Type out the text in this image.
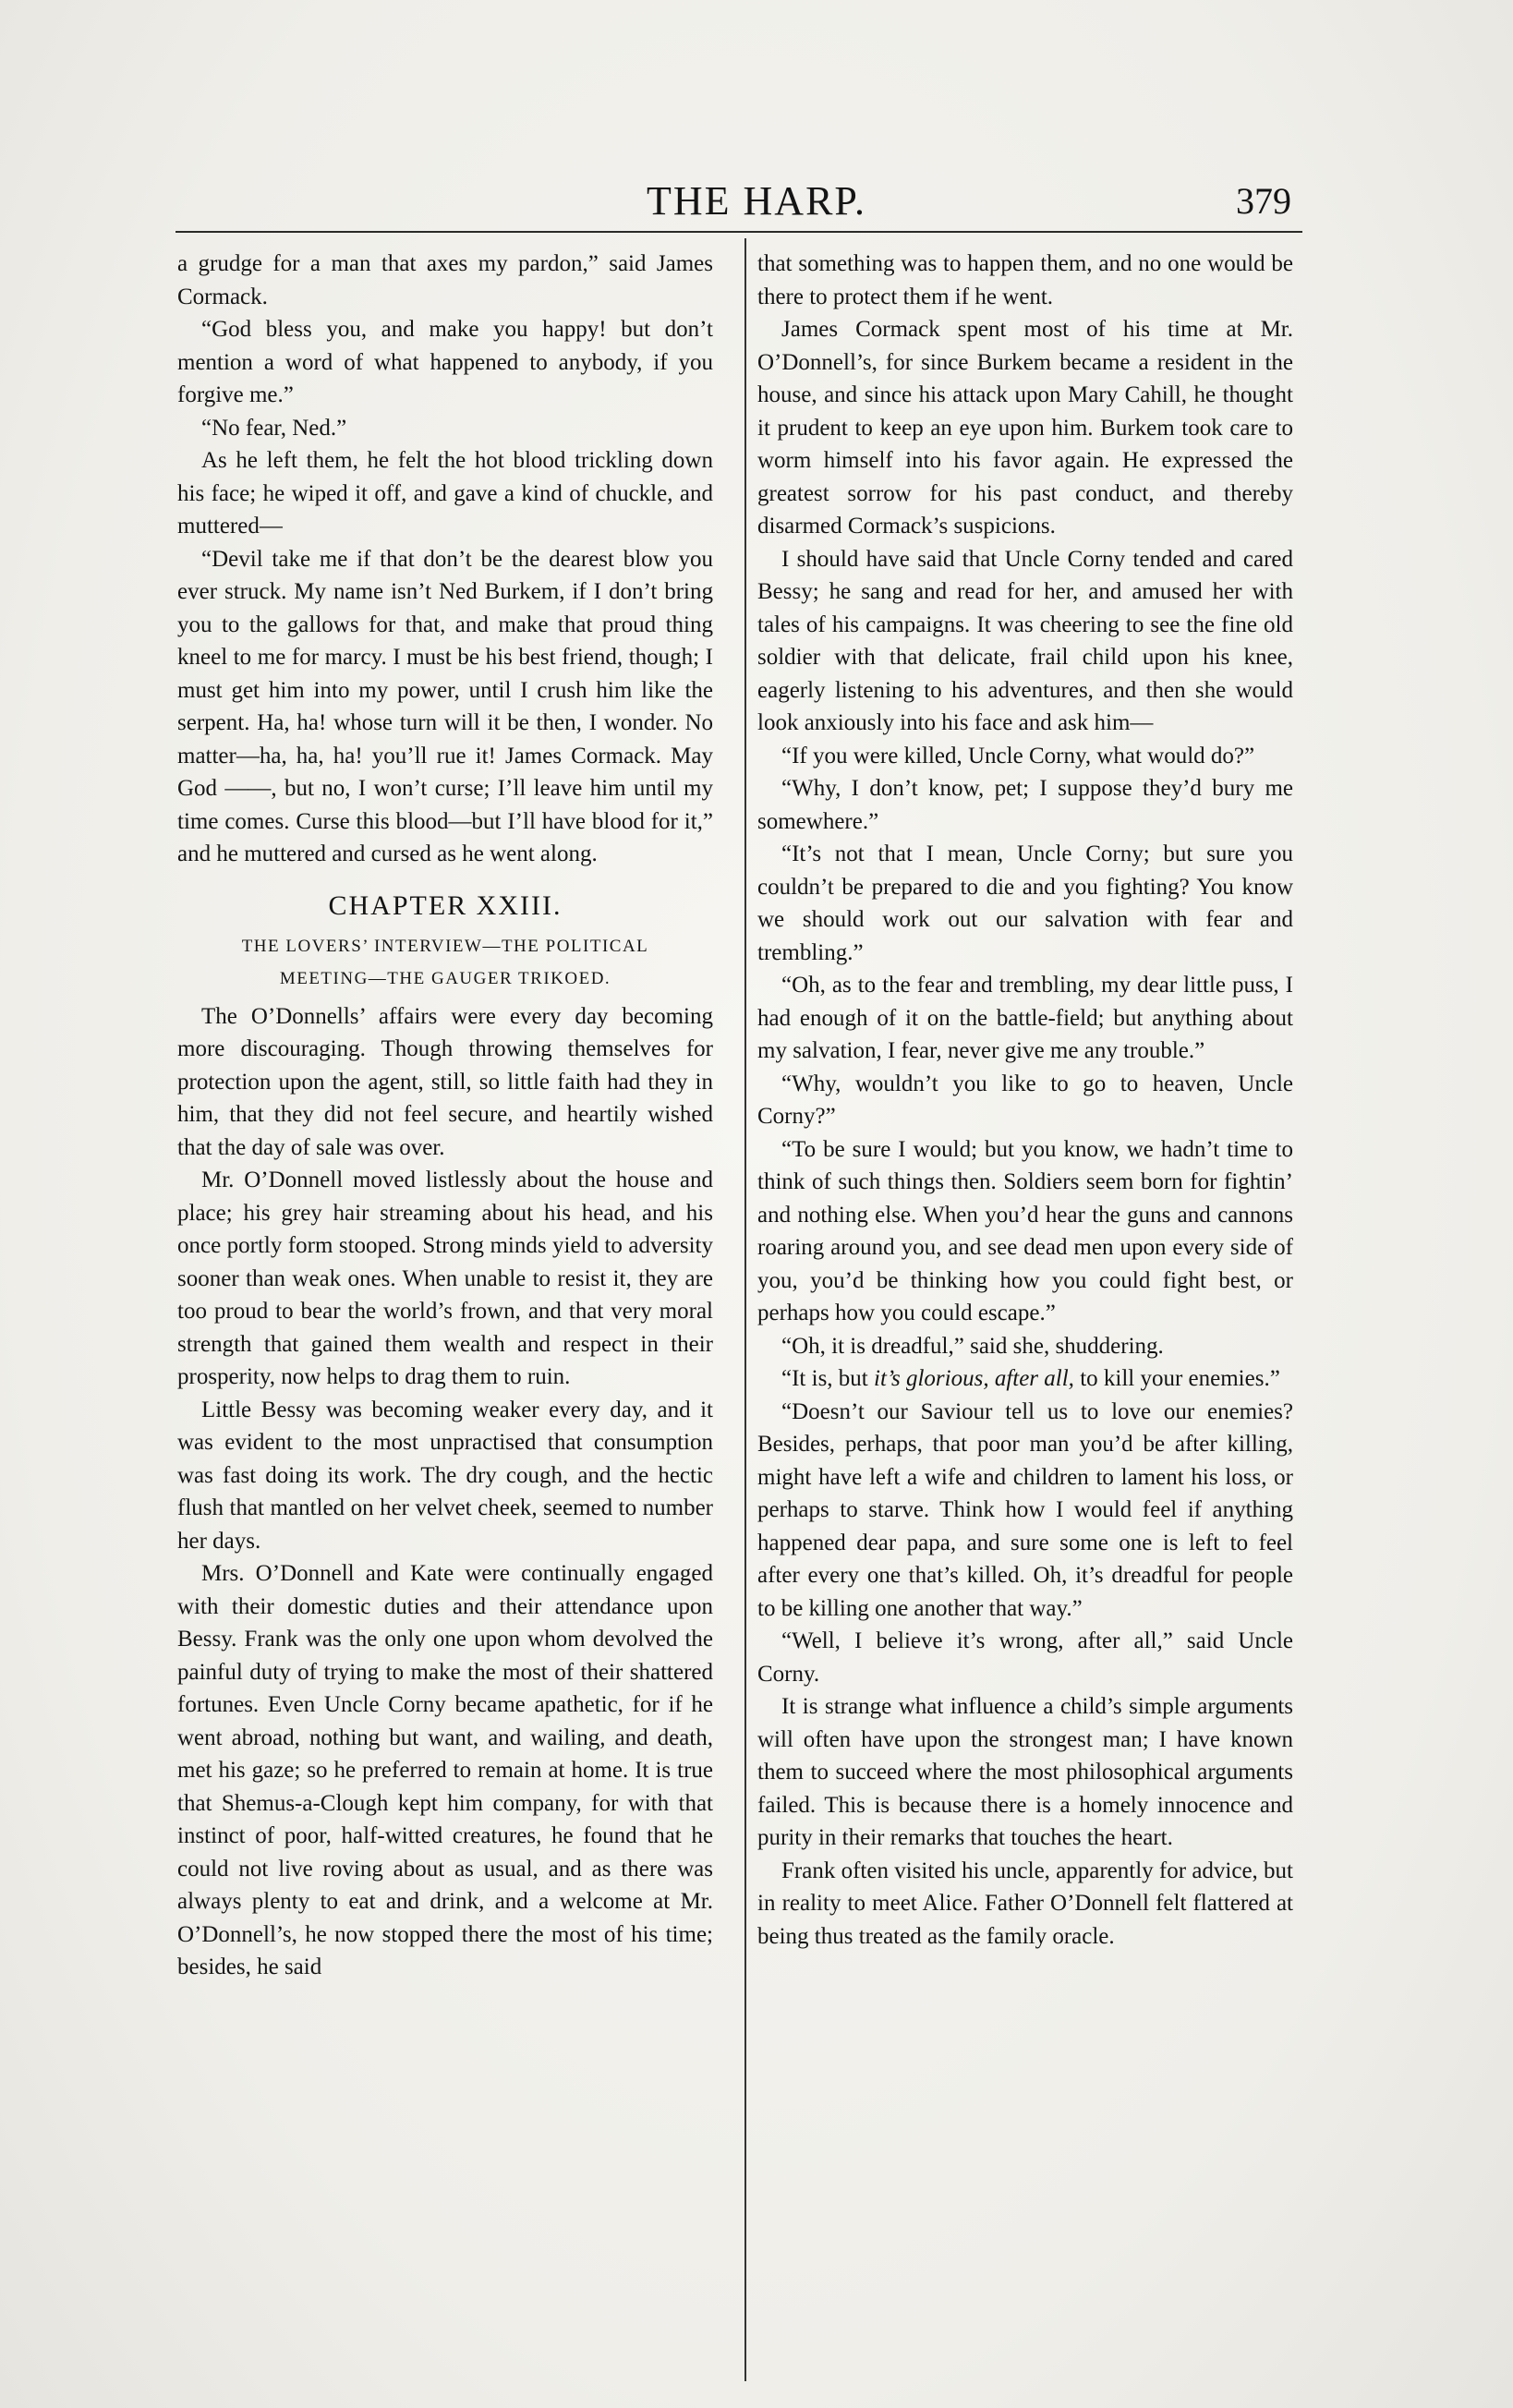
THE HARP.	379

a grudge for a man that axes my pardon,” said James Cormack.

“God bless you, and make you happy! but don’t mention a word of what happened to anybody, if you forgive me.”

“No fear, Ned.”

As he left them, he felt the hot blood trickling down his face; he wiped it off, and gave a kind of chuckle, and muttered—

“Devil take me if that don’t be the dearest blow you ever struck. My name isn’t Ned Burkem, if I don’t bring you to the gallows for that, and make that proud thing kneel to me for marcy. I must be his best friend, though; I must get him into my power, until I crush him like the serpent. Ha, ha! whose turn will it be then, I wonder. No matter—ha, ha, ha! you’ll rue it! James Cormack. May God ——, but no, I won’t curse; I’ll leave him until my time comes. Curse this blood—but I’ll have blood for it,” and he muttered and cursed as he went along.

CHAPTER XXIII.
THE LOVERS’ INTERVIEW—THE POLITICAL
MEETING—THE GAUGER TRIKOED.

The O’Donnells’ affairs were every day becoming more discouraging. Though throwing themselves for protection upon the agent, still, so little faith had they in him, that they did not feel secure, and heartily wished that the day of sale was over.

Mr. O’Donnell moved listlessly about the house and place; his grey hair streaming about his head, and his once portly form stooped. Strong minds yield to adversity sooner than weak ones. When unable to resist it, they are too proud to bear the world’s frown, and that very moral strength that gained them wealth and respect in their prosperity, now helps to drag them to ruin.

Little Bessy was becoming weaker every day, and it was evident to the most unpractised that consumption was fast doing its work. The dry cough, and the hectic flush that mantled on her velvet cheek, seemed to number her days.

Mrs. O’Donnell and Kate were continually engaged with their domestic duties and their attendance upon Bessy. Frank was the only one upon whom devolved the painful duty of trying to make the most of their shattered fortunes. Even Uncle Corny became apathetic, for if he went abroad, nothing but want, and wailing, and death, met his gaze; so he preferred to remain at home. It is true that Shemus-a-Clough kept him company, for with that instinct of poor, half-witted creatures, he found that he could not live roving about as usual, and as there was always plenty to eat and drink, and a welcome at Mr. O’Donnell’s, he now stopped there the most of his time; besides, he said

that something was to happen them, and no one would be there to protect them if he went.

James Cormack spent most of his time at Mr. O’Donnell’s, for since Burkem became a resident in the house, and since his attack upon Mary Cahill, he thought it prudent to keep an eye upon him. Burkem took care to worm himself into his favor again. He expressed the greatest sorrow for his past conduct, and thereby disarmed Cormack’s suspicions.

I should have said that Uncle Corny tended and cared Bessy; he sang and read for her, and amused her with tales of his campaigns. It was cheering to see the fine old soldier with that delicate, frail child upon his knee, eagerly listening to his adventures, and then she would look anxiously into his face and ask him—

“If you were killed, Uncle Corny, what would do?”

“Why, I don’t know, pet; I suppose they’d bury me somewhere.”

“It’s not that I mean, Uncle Corny; but sure you couldn’t be prepared to die and you fighting? You know we should work out our salvation with fear and trembling.”

“Oh, as to the fear and trembling, my dear little puss, I had enough of it on the battle-field; but anything about my salvation, I fear, never give me any trouble.”

“Why, wouldn’t you like to go to heaven, Uncle Corny?”

“To be sure I would; but you know, we hadn’t time to think of such things then. Soldiers seem born for fightin’ and nothing else. When you’d hear the guns and cannons roaring around you, and see dead men upon every side of you, you’d be thinking how you could fight best, or perhaps how you could escape.”

“Oh, it is dreadful,” said she, shuddering.

“It is, but it’s glorious, after all, to kill your enemies.”

“Doesn’t our Saviour tell us to love our enemies? Besides, perhaps, that poor man you’d be after killing, might have left a wife and children to lament his loss, or perhaps to starve. Think how I would feel if anything happened dear papa, and sure some one is left to feel after every one that’s killed. Oh, it’s dreadful for people to be killing one another that way.”

“Well, I believe it’s wrong, after all,” said Uncle Corny.

It is strange what influence a child’s simple arguments will often have upon the strongest man; I have known them to succeed where the most philosophical arguments failed. This is because there is a homely innocence and purity in their remarks that touches the heart.

Frank often visited his uncle, apparently for advice, but in reality to meet Alice. Father O’Donnell felt flattered at being thus treated as the family oracle.
